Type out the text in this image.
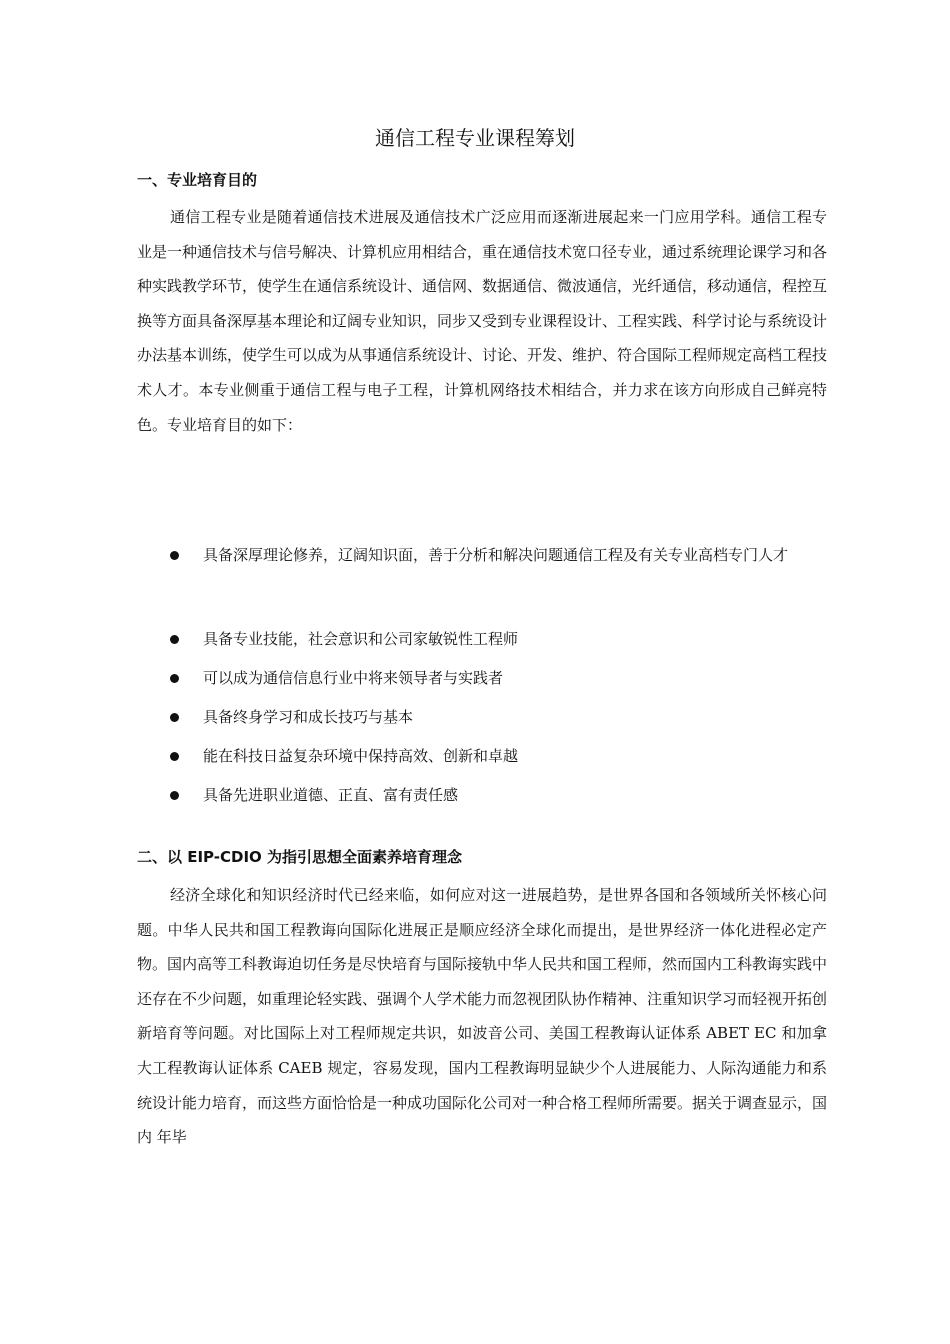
通信工程专业课程筹划
一、专业培育目的

通信工程专业是随着通信技术进展及通信技术广泛应用而逐渐进展起来一门应用学科。通信工程专业是一种通信技术与信号解决、计算机应用相结合，重在通信技术宽口径专业，通过系统理论课学习和各种实践教学环节，使学生在通信系统设计、通信网、数据通信、微波通信，光纤通信，移动通信，程控互换等方面具备深厚基本理论和辽阔专业知识，同步又受到专业课程设计、工程实践、科学讨论与系统设计办法基本训练，使学生可以成为从事通信系统设计、讨论、开发、维护、符合国际工程师规定高档工程技术人才。本专业侧重于通信工程与电子工程，计算机网络技术相结合，并力求在该方向形成自己鲜亮特色。专业培育目的如下：

具备深厚理论修养，辽阔知识面，善于分析和解决问题通信工程及有关专业高档专门人才
具备专业技能，社会意识和公司家敏锐性工程师
可以成为通信信息行业中将来领导者与实践者
具备终身学习和成长技巧与基本
能在科技日益复杂环境中保持高效、创新和卓越
具备先进职业道德、正直、富有责任感
二、以 EIP-CDIO 为指引思想全面素养培育理念

经济全球化和知识经济时代已经来临，如何应对这一进展趋势，是世界各国和各领域所关怀核心问题。中华人民共和国工程教诲向国际化进展正是顺应经济全球化而提出，是世界经济一体化进程必定产物。国内高等工科教诲迫切任务是尽快培育与国际接轨中华人民共和国工程师，然而国内工科教诲实践中还存在不少问题，如重理论轻实践、强调个人学术能力而忽视团队协作精神、注重知识学习而轻视开拓创新培育等问题。对比国际上对工程师规定共识，如波音公司、美国工程教诲认证体系 ABET EC 和加拿大工程教诲认证体系 CAEB 规定，容易发现，国内工程教诲明显缺少个人进展能力、人际沟通能力和系统设计能力培育，而这些方面恰恰是一种成功国际化公司对一种合格工程师所需要。据关于调查显示，国内 年毕
